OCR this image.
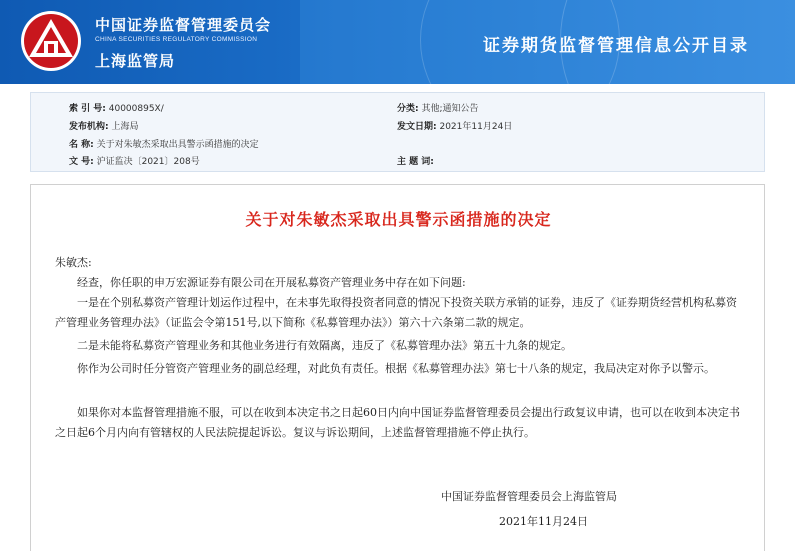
中国证券监督管理委员会
CHINA SECURITIES REGULATORY COMMISSION
上海监管局
证券期货监督管理信息公开目录
索 引 号: 40000895X/	分类: 其他;通知公告
发布机构: 上海局	发文日期: 2021年11月24日
名 称: 关于对朱敏杰采取出具警示函措施的决定
文 号: 沪证监决〔2021〕208号	主 题 词:
关于对朱敏杰采取出具警示函措施的决定
朱敏杰:
经查，你任职的申万宏源证券有限公司在开展私募资产管理业务中存在如下问题:
一是在个别私募资产管理计划运作过程中，在未事先取得投资者同意的情况下投资关联方承销的证券，违反了《证券期货经营机构私募资产管理业务管理办法》（证监会令第151号,以下简称《私募管理办法》）第六十六条第二款的规定。
二是未能将私募资产管理业务和其他业务进行有效隔离，违反了《私募管理办法》第五十九条的规定。
你作为公司时任分管资产管理业务的副总经理，对此负有责任。根据《私募管理办法》第七十八条的规定，我局决定对你予以警示。
如果你对本监督管理措施不服，可以在收到本决定书之日起60日内向中国证券监督管理委员会提出行政复议申请，也可以在收到本决定书之日起6个月内向有管辖权的人民法院提起诉讼。复议与诉讼期间，上述监督管理措施不停止执行。
中国证券监督管理委员会上海监管局
2021年11月24日
